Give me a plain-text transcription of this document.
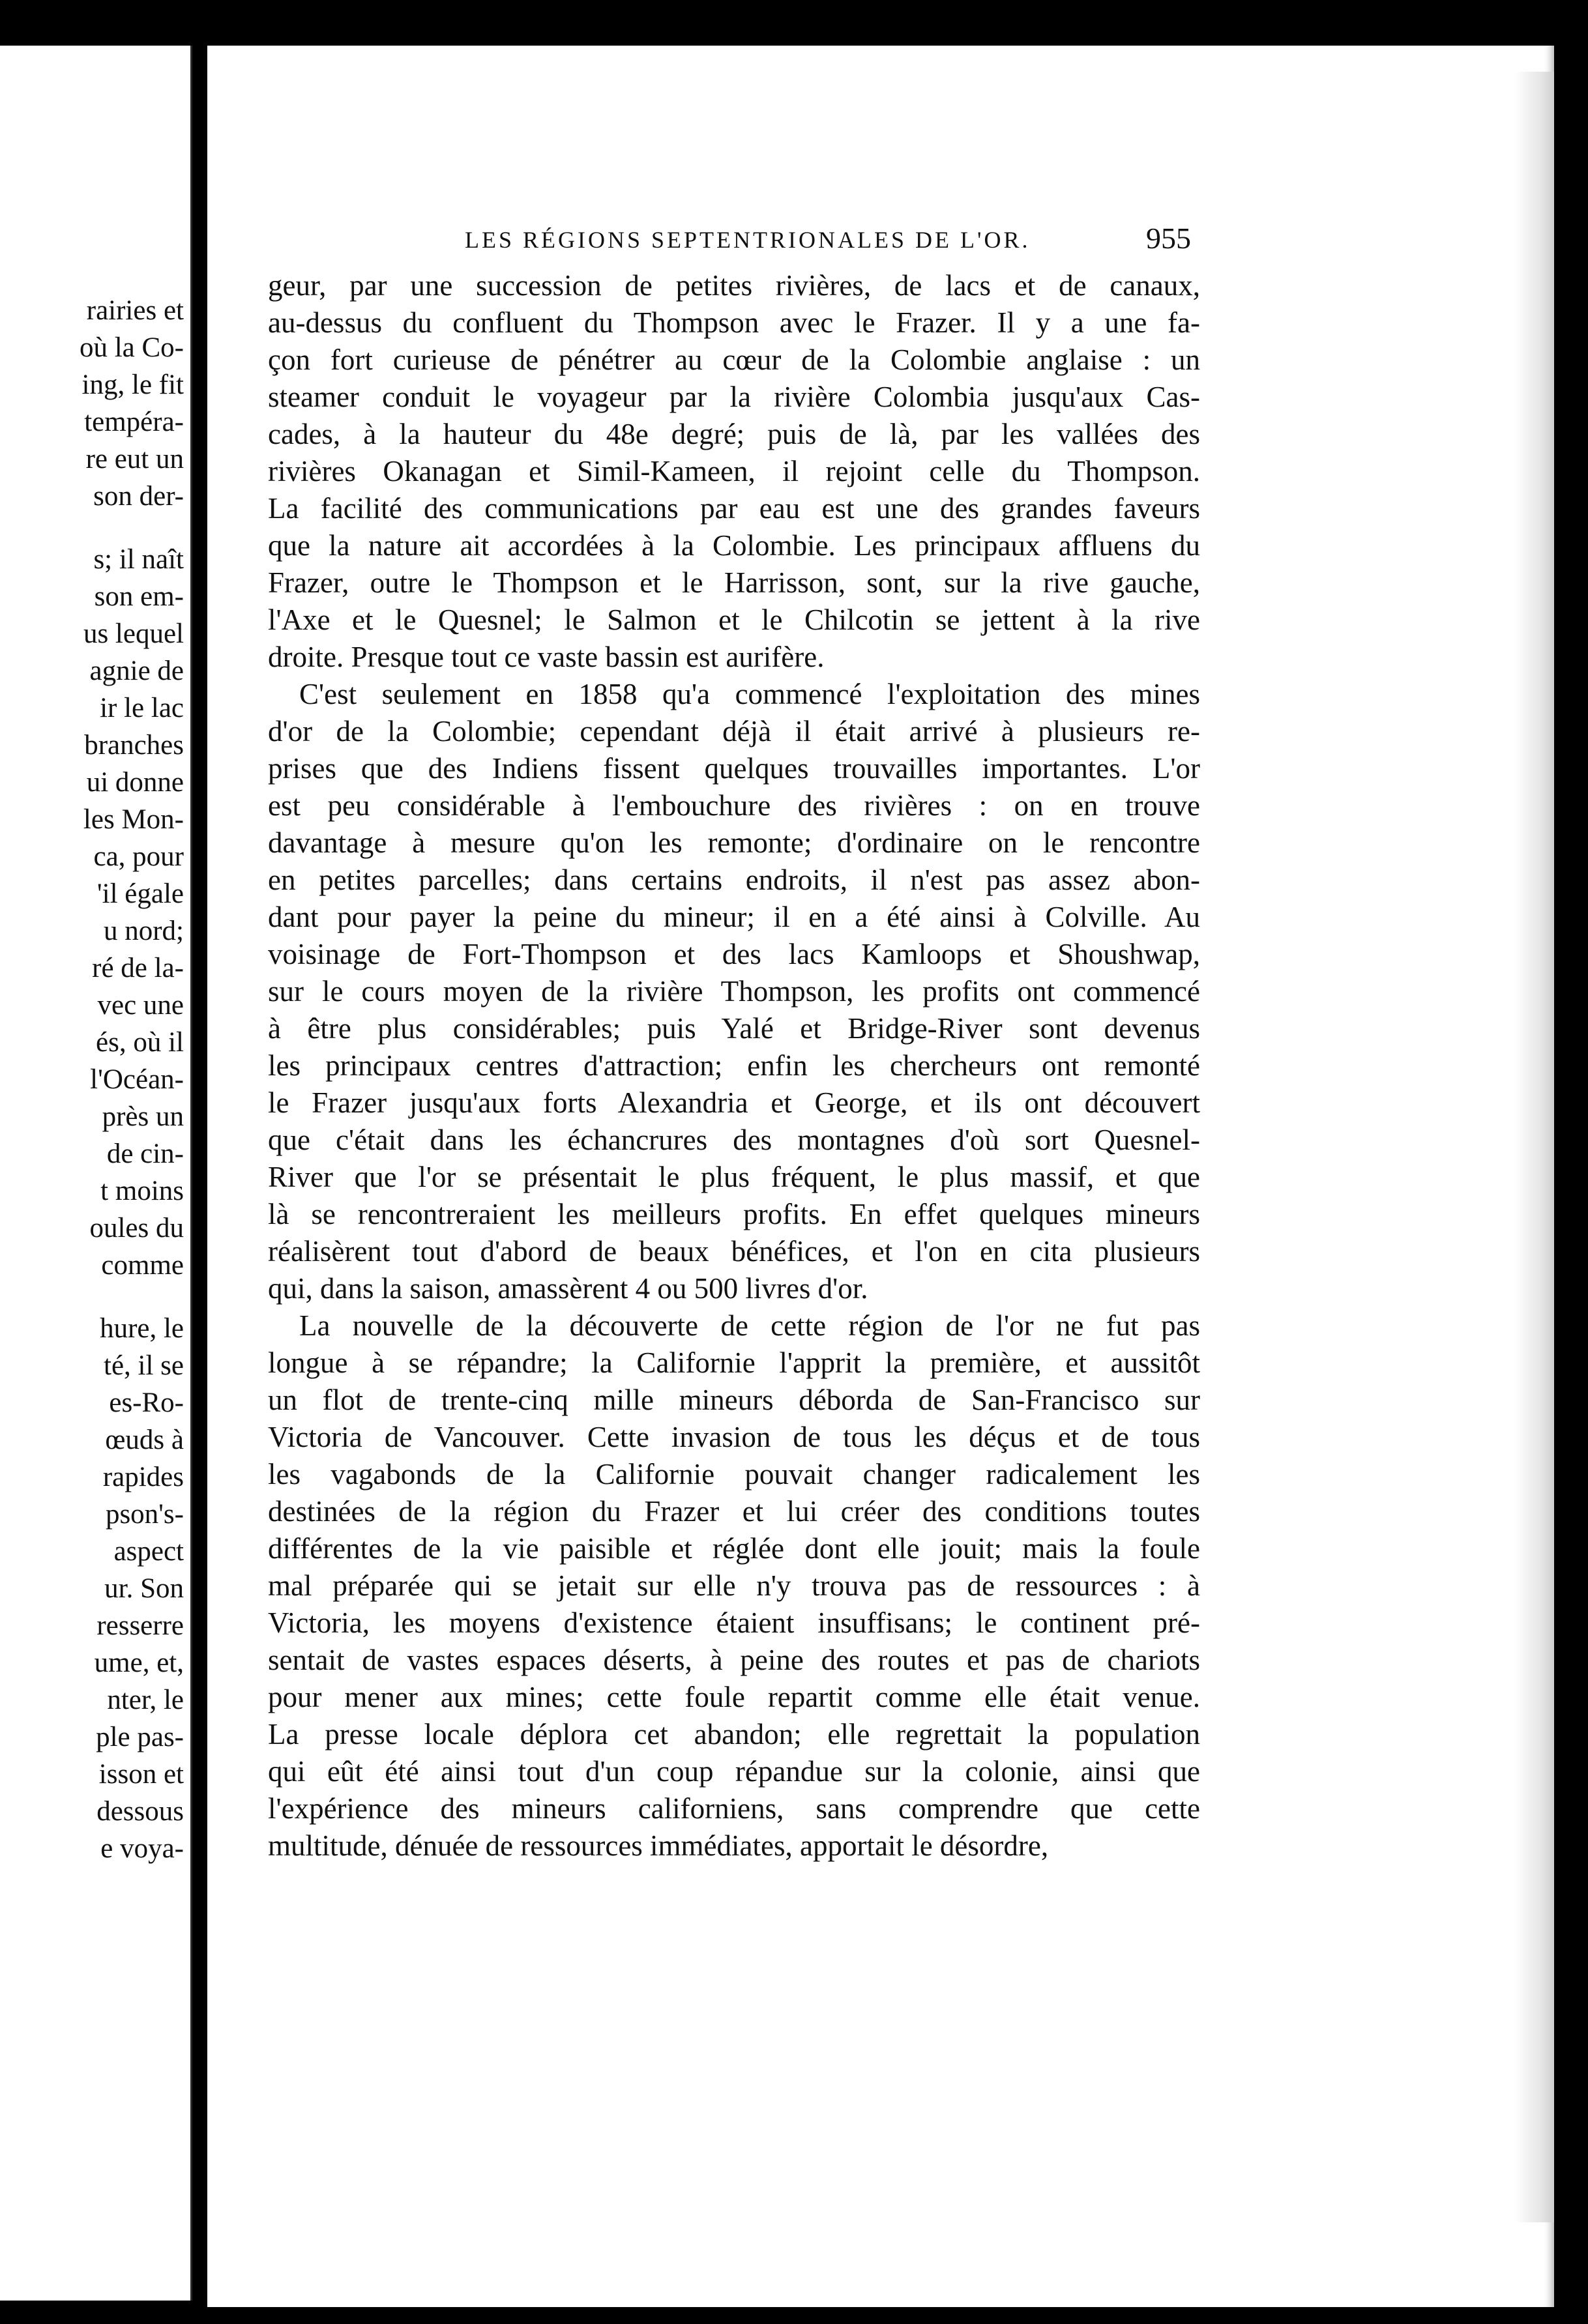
rairies et
où la Co-
ing, le fit
tempéra-
re eut un
son der-
s; il naît
son em-
us lequel
agnie de
ir le lac
branches
ui donne
les Mon-
ca, pour
'il égale
u nord;
ré de la-
vec une
és, où il
l'Océan-
près un
de cin-
t moins
oules du
comme
hure, le
té, il se
es-Ro-
œuds à
rapides
pson's-
aspect
ur. Son
resserre
ume, et,
nter, le
ple pas-
isson et
dessous
e voya-
LES RÉGIONS SEPTENTRIONALES DE L'OR.	955
geur, par une succession de petites rivières, de lacs et de canaux,
au-dessus du confluent du Thompson avec le Frazer. Il y a une fa-
çon fort curieuse de pénétrer au cœur de la Colombie anglaise : un
steamer conduit le voyageur par la rivière Colombia jusqu'aux Cas-
cades, à la hauteur du 48e degré; puis de là, par les vallées des
rivières Okanagan et Simil-Kameen, il rejoint celle du Thompson.
La facilité des communications par eau est une des grandes faveurs
que la nature ait accordées à la Colombie. Les principaux affluens du
Frazer, outre le Thompson et le Harrisson, sont, sur la rive gauche,
l'Axe et le Quesnel; le Salmon et le Chilcotin se jettent à la rive
droite. Presque tout ce vaste bassin est aurifère.
C'est seulement en 1858 qu'a commencé l'exploitation des mines
d'or de la Colombie; cependant déjà il était arrivé à plusieurs re-
prises que des Indiens fissent quelques trouvailles importantes. L'or
est peu considérable à l'embouchure des rivières : on en trouve
davantage à mesure qu'on les remonte; d'ordinaire on le rencontre
en petites parcelles; dans certains endroits, il n'est pas assez abon-
dant pour payer la peine du mineur; il en a été ainsi à Colville. Au
voisinage de Fort-Thompson et des lacs Kamloops et Shoushwap,
sur le cours moyen de la rivière Thompson, les profits ont commencé
à être plus considérables; puis Yalé et Bridge-River sont devenus
les principaux centres d'attraction; enfin les chercheurs ont remonté
le Frazer jusqu'aux forts Alexandria et George, et ils ont découvert
que c'était dans les échancrures des montagnes d'où sort Quesnel-
River que l'or se présentait le plus fréquent, le plus massif, et que
là se rencontreraient les meilleurs profits. En effet quelques mineurs
réalisèrent tout d'abord de beaux bénéfices, et l'on en cita plusieurs
qui, dans la saison, amassèrent 4 ou 500 livres d'or.
La nouvelle de la découverte de cette région de l'or ne fut pas
longue à se répandre; la Californie l'apprit la première, et aussitôt
un flot de trente-cinq mille mineurs déborda de San-Francisco sur
Victoria de Vancouver. Cette invasion de tous les déçus et de tous
les vagabonds de la Californie pouvait changer radicalement les
destinées de la région du Frazer et lui créer des conditions toutes
différentes de la vie paisible et réglée dont elle jouit; mais la foule
mal préparée qui se jetait sur elle n'y trouva pas de ressources : à
Victoria, les moyens d'existence étaient insuffisans; le continent pré-
sentait de vastes espaces déserts, à peine des routes et pas de chariots
pour mener aux mines; cette foule repartit comme elle était venue.
La presse locale déplora cet abandon; elle regrettait la population
qui eût été ainsi tout d'un coup répandue sur la colonie, ainsi que
l'expérience des mineurs californiens, sans comprendre que cette
multitude, dénuée de ressources immédiates, apportait le désordre,
